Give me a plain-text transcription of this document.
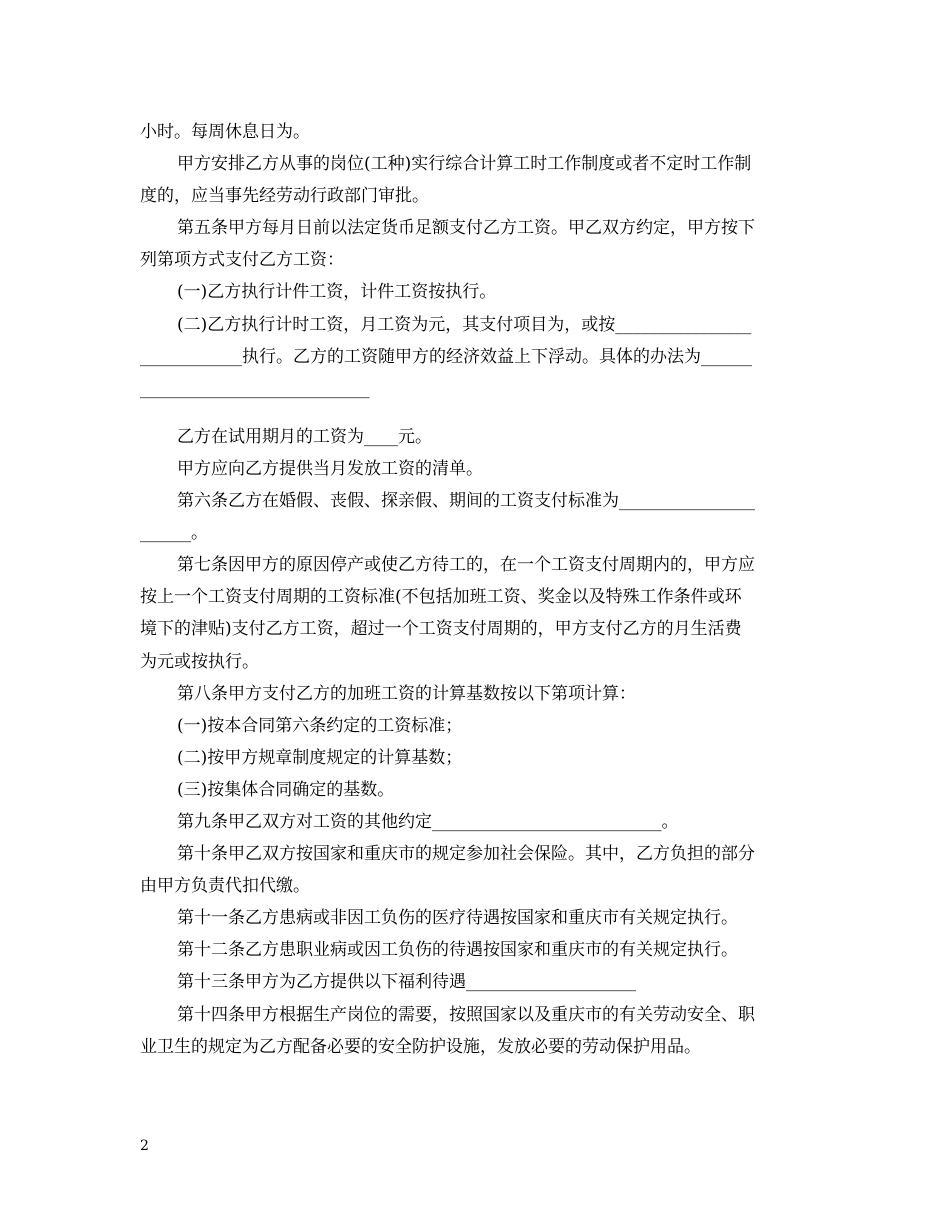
小时。每周休息日为。
甲方安排乙方从事的岗位(工种)实行综合计算工时工作制度或者不定时工作制
度的，应当事先经劳动行政部门审批。
第五条甲方每月日前以法定货币足额支付乙方工资。甲乙双方约定，甲方按下
列第项方式支付乙方工资：
(一)乙方执行计件工资，计件工资按执行。
(二)乙方执行计时工资，月工资为元，其支付项目为，或按________________
____________执行。乙方的工资随甲方的经济效益上下浮动。具体的办法为______
___________________________
乙方在试用期月的工资为____元。
甲方应向乙方提供当月发放工资的清单。
第六条乙方在婚假、丧假、探亲假、期间的工资支付标准为________________
______。
第七条因甲方的原因停产或使乙方待工的，在一个工资支付周期内的，甲方应
按上一个工资支付周期的工资标准(不包括加班工资、奖金以及特殊工作条件或环
境下的津贴)支付乙方工资，超过一个工资支付周期的，甲方支付乙方的月生活费
为元或按执行。
第八条甲方支付乙方的加班工资的计算基数按以下第项计算：
(一)按本合同第六条约定的工资标准；
(二)按甲方规章制度规定的计算基数；
(三)按集体合同确定的基数。
第九条甲乙双方对工资的其他约定___________________________。
第十条甲乙双方按国家和重庆市的规定参加社会保险。其中，乙方负担的部分
由甲方负责代扣代缴。
第十一条乙方患病或非因工负伤的医疗待遇按国家和重庆市有关规定执行。
第十二条乙方患职业病或因工负伤的待遇按国家和重庆市的有关规定执行。
第十三条甲方为乙方提供以下福利待遇____________________
第十四条甲方根据生产岗位的需要，按照国家以及重庆市的有关劳动安全、职
业卫生的规定为乙方配备必要的安全防护设施，发放必要的劳动保护用品。
2
